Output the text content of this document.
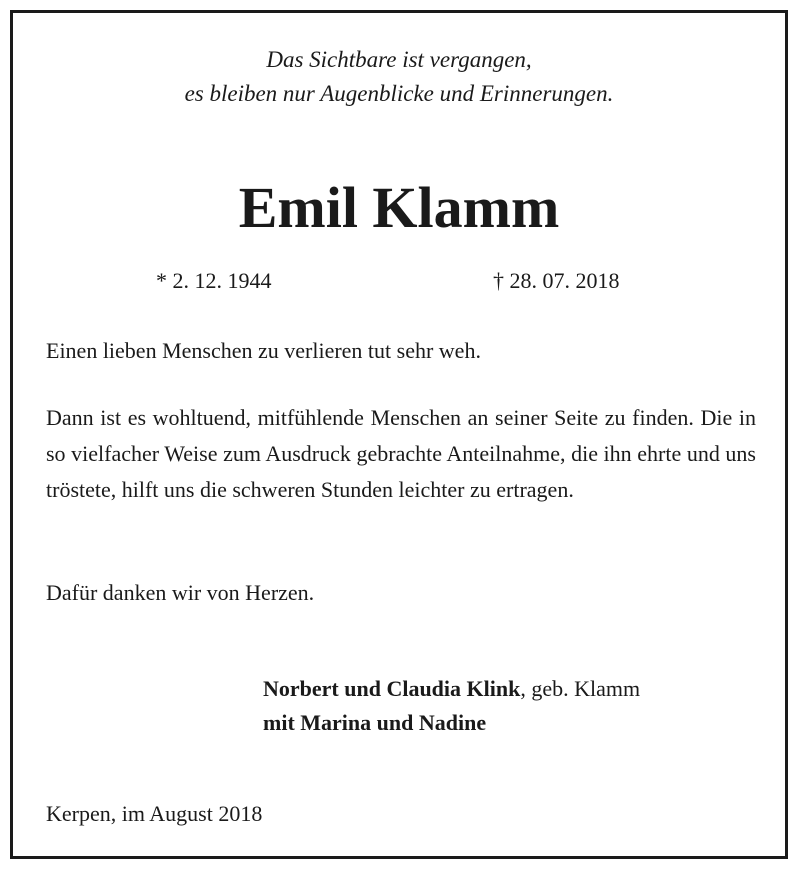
Das Sichtbare ist vergangen,
es bleiben nur Augenblicke und Erinnerungen.
Emil Klamm
* 2. 12. 1944	† 28. 07. 2018
Einen lieben Menschen zu verlieren tut sehr weh.
Dann ist es wohltuend, mitfühlende Menschen an seiner Seite zu finden. Die in so vielfacher Weise zum Ausdruck gebrachte Anteilnahme, die ihn ehrte und uns tröstete, hilft uns die schweren Stunden leichter zu ertragen.
Dafür danken wir von Herzen.
Norbert und Claudia Klink, geb. Klamm
mit Marina und Nadine
Kerpen, im August 2018
